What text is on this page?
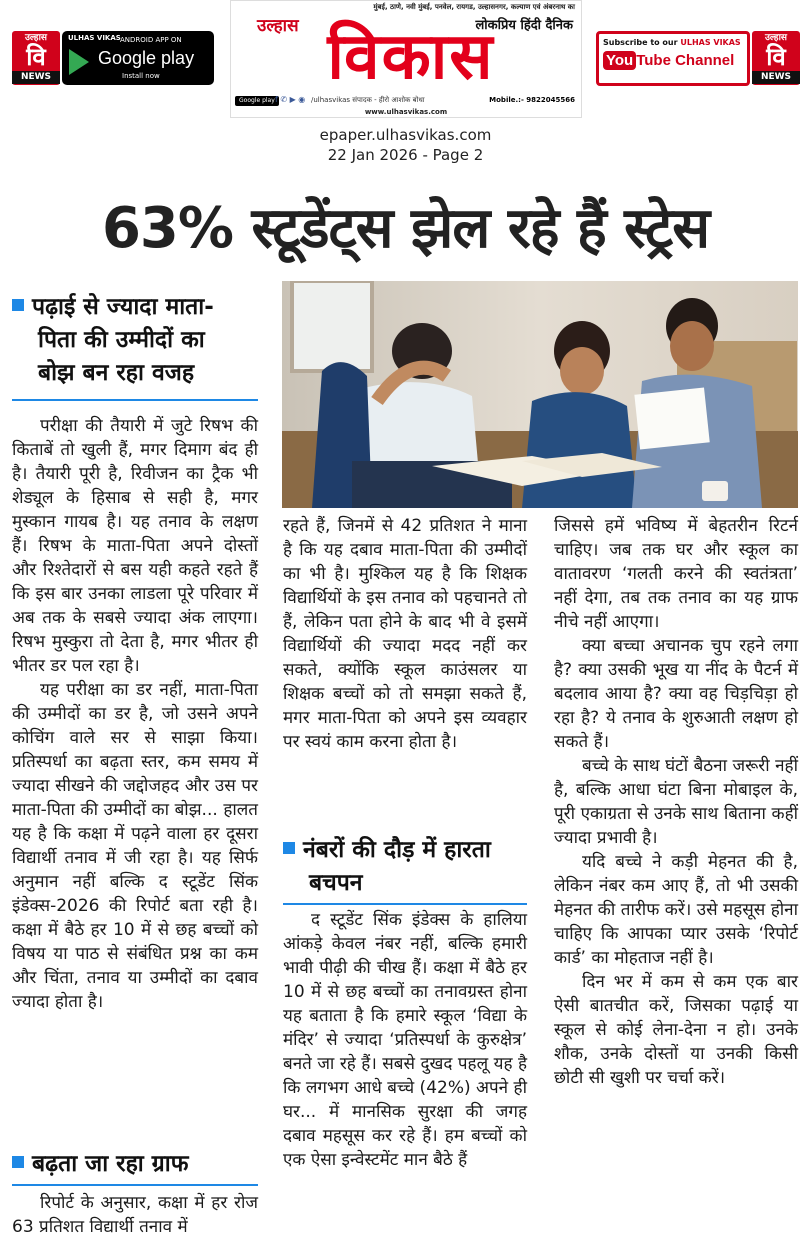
उल्हास
वि
NEWS
ULHAS VIKAS ANDROID APP ON
Google play
Install now
मुंबई, ठाणे, नवी मुंबई, पनवेल, रायगड, उल्हासनगर, कल्याण एवं अंबरनाथ का
उल्हास	लोकप्रिय हिंदी दैनिक
विकास
Google play f ✆ ▶ ◉ /ulhasvikas संपादक - हीरो आशोक बोधा	Mobile.:- 9822045566
www.ulhasvikas.com
Subscribe to our ULHAS VIKAS
You Tube Channel
उल्हास
वि
NEWS
epaper.ulhasvikas.com
22 Jan 2026 - Page 2
63% स्टूडेंट्स झेल रहे हैं स्ट्रेस
पढ़ाई से ज्यादा माता-
पिता की उम्मीदों का
बोझ बन रहा वजह

परीक्षा की तैयारी में जुटे रिषभ की किताबें तो खुली हैं, मगर दिमाग बंद ही है। तैयारी पूरी है, रिवीजन का ट्रैक भी शेड्यूल के हिसाब से सही है, मगर मुस्कान गायब है। यह तनाव के लक्षण हैं। रिषभ के माता-पिता अपने दोस्तों और रिश्तेदारों से बस यही कहते रहते हैं कि इस बार उनका लाडला पूरे परिवार में अब तक के सबसे ज्यादा अंक लाएगा। रिषभ मुस्कुरा तो देता है, मगर भीतर ही भीतर डर पल रहा है।

यह परीक्षा का डर नहीं, माता-पिता की उम्मीदों का डर है, जो उसने अपने कोचिंग वाले सर से साझा किया। प्रतिस्पर्धा का बढ़ता स्तर, कम समय में ज्यादा सीखने की जद्दोजहद और उस पर माता-पिता की उम्मीदों का बोझ... हालत यह है कि कक्षा में पढ़ने वाला हर दूसरा विद्यार्थी तनाव में जी रहा है। यह सिर्फ अनुमान नहीं बल्कि द स्टूडेंट सिंक इंडेक्स-2026 की रिपोर्ट बता रही है। कक्षा में बैठे हर 10 में से छह बच्चों को विषय या पाठ से संबंधित प्रश्न का कम और चिंता, तनाव या उम्मीदों का दबाव ज्यादा होता है।

बढ़ता जा रहा ग्राफ

रिपोर्ट के अनुसार, कक्षा में हर रोज 63 प्रतिशत विद्यार्थी तनाव में

रहते हैं, जिनमें से 42 प्रतिशत ने माना है कि यह दबाव माता-पिता की उम्मीदों का भी है। मुश्किल यह है कि शिक्षक विद्यार्थियों के इस तनाव को पहचानते तो हैं, लेकिन पता होने के बाद भी वे इसमें विद्यार्थियों की ज्यादा मदद नहीं कर सकते, क्योंकि स्कूल काउंसलर या शिक्षक बच्चों को तो समझा सकते हैं, मगर माता-पिता को अपने इस व्यवहार पर स्वयं काम करना होता है।

नंबरों की दौड़ में हारता
बचपन

द स्टूडेंट सिंक इंडेक्स के हालिया आंकड़े केवल नंबर नहीं, बल्कि हमारी भावी पीढ़ी की चीख हैं। कक्षा में बैठे हर 10 में से छह बच्चों का तनावग्रस्त होना यह बताता है कि हमारे स्कूल ‘विद्या के मंदिर’ से ज्यादा ‘प्रतिस्पर्धा के कुरुक्षेत्र’ बनते जा रहे हैं। सबसे दुखद पहलू यह है कि लगभग आधे बच्चे (42%) अपने ही घर... में मानसिक सुरक्षा की जगह दबाव महसूस कर रहे हैं। हम बच्चों को एक ऐसा इन्वेस्टमेंट मान बैठे हैं

जिससे हमें भविष्य में बेहतरीन रिटर्न चाहिए। जब तक घर और स्कूल का वातावरण ‘गलती करने की स्वतंत्रता’ नहीं देगा, तब तक तनाव का यह ग्राफ नीचे नहीं आएगा।

क्या बच्चा अचानक चुप रहने लगा है? क्या उसकी भूख या नींद के पैटर्न में बदलाव आया है? क्या वह चिड़चिड़ा हो रहा है? ये तनाव के शुरुआती लक्षण हो सकते हैं।

बच्चे के साथ घंटों बैठना जरूरी नहीं है, बल्कि आधा घंटा बिना मोबाइल के, पूरी एकाग्रता से उनके साथ बिताना कहीं ज्यादा प्रभावी है।

यदि बच्चे ने कड़ी मेहनत की है, लेकिन नंबर कम आए हैं, तो भी उसकी मेहनत की तारीफ करें। उसे महसूस होना चाहिए कि आपका प्यार उसके ‘रिपोर्ट कार्ड’ का मोहताज नहीं है।

दिन भर में कम से कम एक बार ऐसी बातचीत करें, जिसका पढ़ाई या स्कूल से कोई लेना-देना न हो। उनके शौक, उनके दोस्तों या उनकी किसी छोटी सी खुशी पर चर्चा करें।
